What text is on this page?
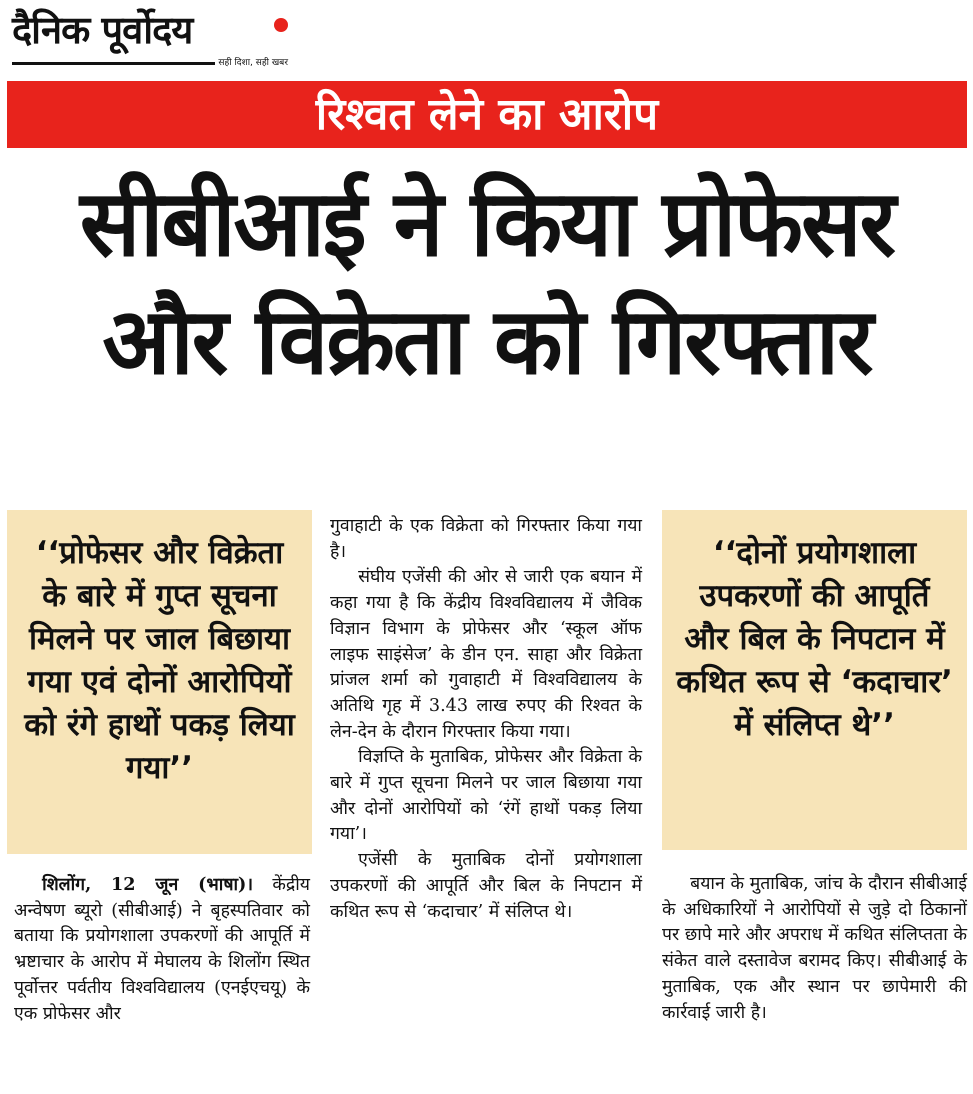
दैनिक पूर्वोदय
सही दिशा, सही खबर
रिश्वत लेने का आरोप
सीबीआई ने किया प्रोफेसर
और विक्रेता को गिरफ्तार
‘‘प्रोफेसर और विक्रेता के बारे में गुप्त सूचना मिलने पर जाल बिछाया गया एवं दोनों आरोपियों को रंगे हाथों पकड़ लिया गया’’

गुवाहाटी के एक विक्रेता को गिरफ्तार किया गया है।

संघीय एजेंसी की ओर से जारी एक बयान में कहा गया है कि केंद्रीय विश्वविद्यालय में जैविक विज्ञान विभाग के प्रोफेसर और ‘स्कूल ऑफ लाइफ साइंसेज’ के डीन एन. साहा और विक्रेता प्रांजल शर्मा को गुवाहाटी में विश्वविद्यालय के अतिथि गृह में 3.43 लाख रुपए की रिश्वत के लेन-देन के दौरान गिरफ्तार किया गया।

विज्ञप्ति के मुताबिक, प्रोफेसर और विक्रेता के बारे में गुप्त सूचना मिलने पर जाल बिछाया गया और दोनों आरोपियों को ‘रंगें हाथों पकड़ लिया गया’।

एजेंसी के मुताबिक दोनों प्रयोगशाला उपकरणों की आपूर्ति और बिल के निपटान में कथित रूप से ‘कदाचार’ में संलिप्त थे।

‘‘दोनों प्रयोगशाला उपकरणों की आपूर्ति और बिल के निपटान में कथित रूप से ‘कदाचार’ में संलिप्त थे’’

शिलोंग, 12 जून (भाषा)। केंद्रीय अन्वेषण ब्यूरो (सीबीआई) ने बृहस्पतिवार को बताया कि प्रयोगशाला उपकरणों की आपूर्ति में भ्रष्टाचार के आरोप में मेघालय के शिलोंग स्थित पूर्वोत्तर पर्वतीय विश्वविद्यालय (एनईएचयू) के एक प्रोफेसर और

बयान के मुताबिक, जांच के दौरान सीबीआई के अधिकारियों ने आरोपियों से जुड़े दो ठिकानों पर छापे मारे और अपराध में कथित संलिप्तता के संकेत वाले दस्तावेज बरामद किए। सीबीआई के मुताबिक, एक और स्थान पर छापेमारी की कार्रवाई जारी है।
